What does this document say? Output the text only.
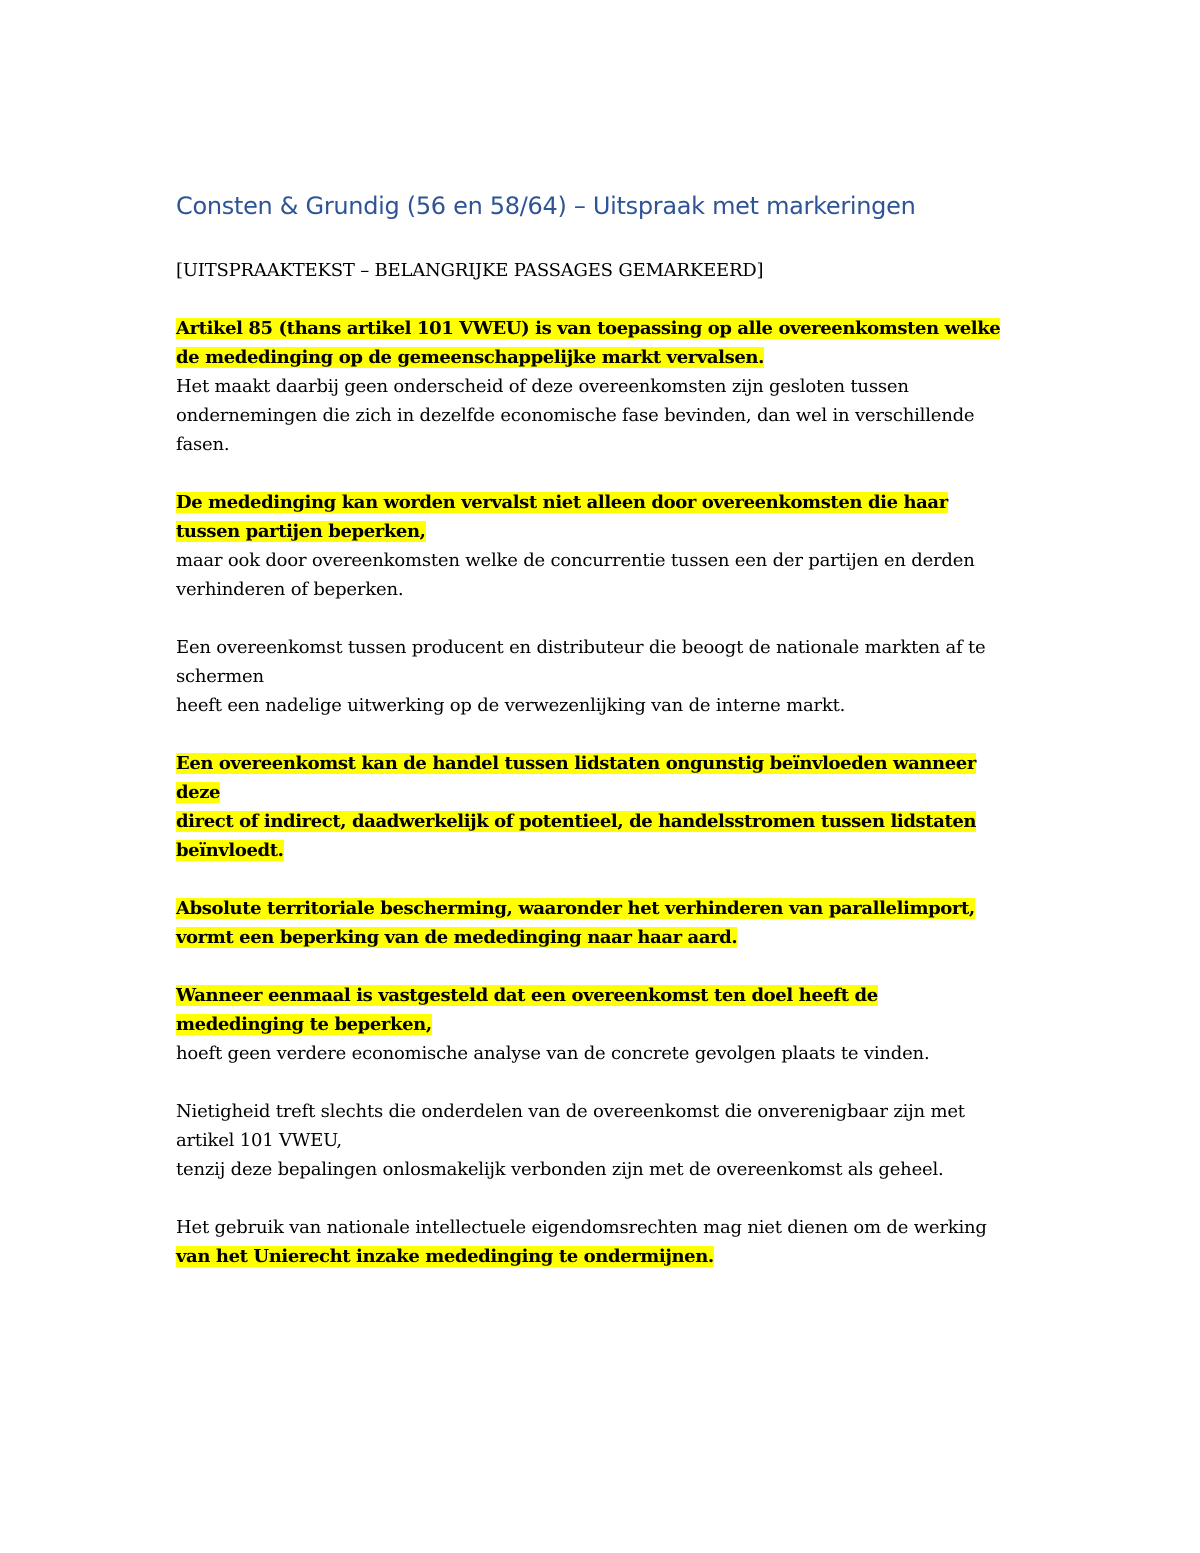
Consten & Grundig (56 en 58/64) – Uitspraak met markeringen

[UITSPRAAKTEKST – BELANGRIJKE PASSAGES GEMARKEERD]

Artikel 85 (thans artikel 101 VWEU) is van toepassing op alle overeenkomsten welke
de mededinging op de gemeenschappelijke markt vervalsen.
Het maakt daarbij geen onderscheid of deze overeenkomsten zijn gesloten tussen
ondernemingen die zich in dezelfde economische fase bevinden, dan wel in verschillende
fasen.

De mededinging kan worden vervalst niet alleen door overeenkomsten die haar
tussen partijen beperken,
maar ook door overeenkomsten welke de concurrentie tussen een der partijen en derden
verhinderen of beperken.

Een overeenkomst tussen producent en distributeur die beoogt de nationale markten af te
schermen
heeft een nadelige uitwerking op de verwezenlijking van de interne markt.

Een overeenkomst kan de handel tussen lidstaten ongunstig beïnvloeden wanneer
deze
direct of indirect, daadwerkelijk of potentieel, de handelsstromen tussen lidstaten
beïnvloedt.

Absolute territoriale bescherming, waaronder het verhinderen van parallelimport,
vormt een beperking van de mededinging naar haar aard.

Wanneer eenmaal is vastgesteld dat een overeenkomst ten doel heeft de
mededinging te beperken,
hoeft geen verdere economische analyse van de concrete gevolgen plaats te vinden.

Nietigheid treft slechts die onderdelen van de overeenkomst die onverenigbaar zijn met
artikel 101 VWEU,
tenzij deze bepalingen onlosmakelijk verbonden zijn met de overeenkomst als geheel.

Het gebruik van nationale intellectuele eigendomsrechten mag niet dienen om de werking
van het Unierecht inzake mededinging te ondermijnen.
